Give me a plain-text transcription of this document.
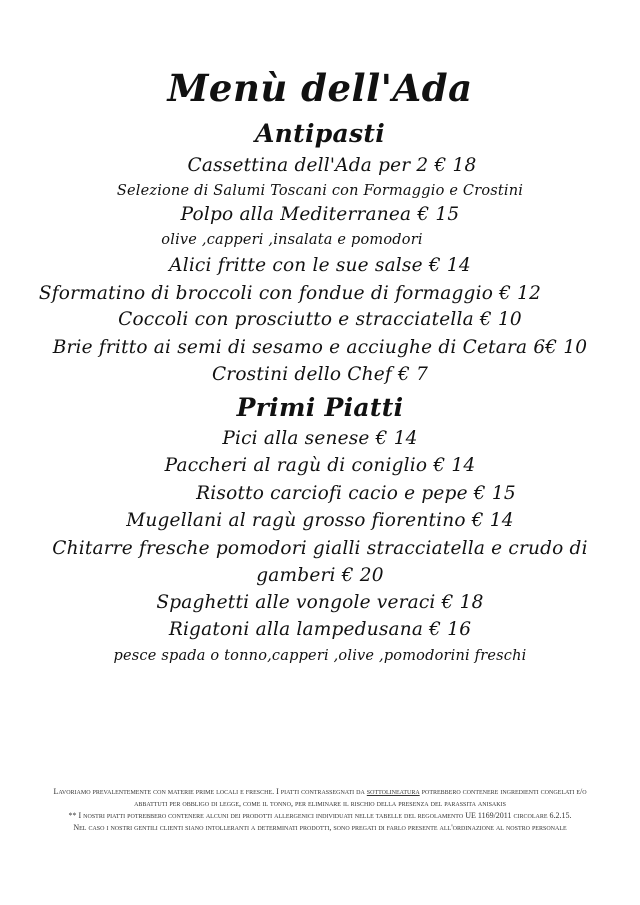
Menù dell'Ada
Antipasti
Cassettina dell'Ada per 2 € 18
Selezione di Salumi Toscani con Formaggio e Crostini
Polpo alla Mediterranea € 15
olive ,capperi ,insalata e pomodori
Alici fritte con le sue salse € 14
Sformatino di broccoli con fondue di formaggio € 12
Coccoli con prosciutto e stracciatella € 10
Brie fritto ai semi di sesamo e acciughe di Cetara 6€ 10
Crostini dello Chef € 7
Primi Piatti
Pici alla senese € 14
Paccheri al ragù di coniglio € 14
Risotto carciofi cacio e pepe € 15
Mugellani al ragù grosso fiorentino € 14
Chitarre fresche pomodori gialli stracciatella e crudo di
gamberi € 20
Spaghetti alle vongole veraci € 18
Rigatoni alla lampedusana € 16
pesce spada o tonno,capperi ,olive ,pomodorini freschi

Lavoriamo prevalentemente con materie prime locali e fresche. I piatti contrassegnati da sottolineatura potrebbero contenere ingredienti congelati e/o abbattuti per obbligo di legge, come il tonno, per eliminare il rischio della presenza del parassita anisakis

** I nostri piatti potrebbero contenere alcuni dei prodotti allergenici individuati nelle tabelle del regolamento UE 1169/2011 circolare 6.2.15.

Nel caso i nostri gentili clienti siano intolleranti a determinati prodotti, sono pregati di farlo presente all'ordinazione al nostro personale
